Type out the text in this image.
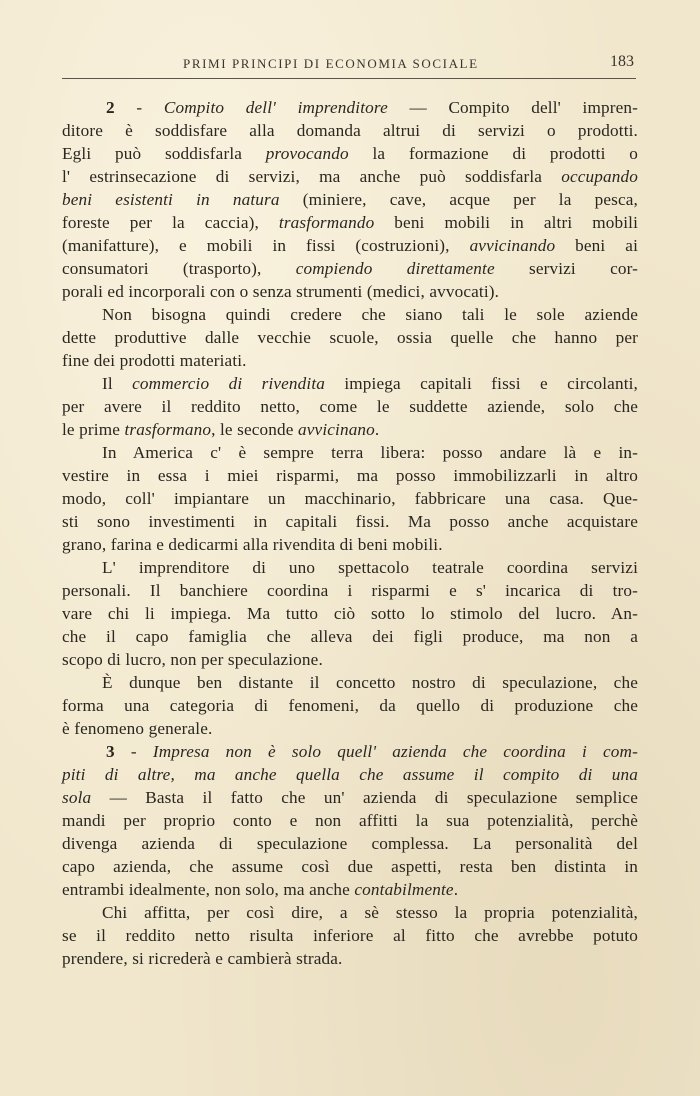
PRIMI PRINCIPI DI ECONOMIA SOCIALE	183
2 - Compito dell' imprenditore — Compito dell' impren-
ditore è soddisfare alla domanda altrui di servizi o prodotti.
Egli può soddisfarla provocando la formazione di prodotti o
l' estrinsecazione di servizi, ma anche può soddisfarla occupando
beni esistenti in natura (miniere, cave, acque per la pesca,
foreste per la caccia), trasformando beni mobili in altri mobili
(manifatture), e mobili in fissi (costruzioni), avvicinando beni ai
consumatori (trasporto), compiendo direttamente servizi cor-
porali ed incorporali con o senza strumenti (medici, avvocati).
Non bisogna quindi credere che siano tali le sole aziende
dette produttive dalle vecchie scuole, ossia quelle che hanno per
fine dei prodotti materiati.
Il commercio di rivendita impiega capitali fissi e circolanti,
per avere il reddito netto, come le suddette aziende, solo che
le prime trasformano, le seconde avvicinano.
In America c' è sempre terra libera: posso andare là e in-
vestire in essa i miei risparmi, ma posso immobilizzarli in altro
modo, coll' impiantare un macchinario, fabbricare una casa. Que-
sti sono investimenti in capitali fissi. Ma posso anche acquistare
grano, farina e dedicarmi alla rivendita di beni mobili.
L' imprenditore di uno spettacolo teatrale coordina servizi
personali. Il banchiere coordina i risparmi e s' incarica di tro-
vare chi li impiega. Ma tutto ciò sotto lo stimolo del lucro. An-
che il capo famiglia che alleva dei figli produce, ma non a
scopo di lucro, non per speculazione.
È dunque ben distante il concetto nostro di speculazione, che
forma una categoria di fenomeni, da quello di produzione che
è fenomeno generale.
3 - Impresa non è solo quell' azienda che coordina i com-
piti di altre, ma anche quella che assume il compito di una
sola — Basta il fatto che un' azienda di speculazione semplice
mandi per proprio conto e non affitti la sua potenzialità, perchè
divenga azienda di speculazione complessa. La personalità del
capo azienda, che assume così due aspetti, resta ben distinta in
entrambi idealmente, non solo, ma anche contabilmente.
Chi affitta, per così dire, a sè stesso la propria potenzialità,
se il reddito netto risulta inferiore al fitto che avrebbe potuto
prendere, si ricrederà e cambierà strada.
